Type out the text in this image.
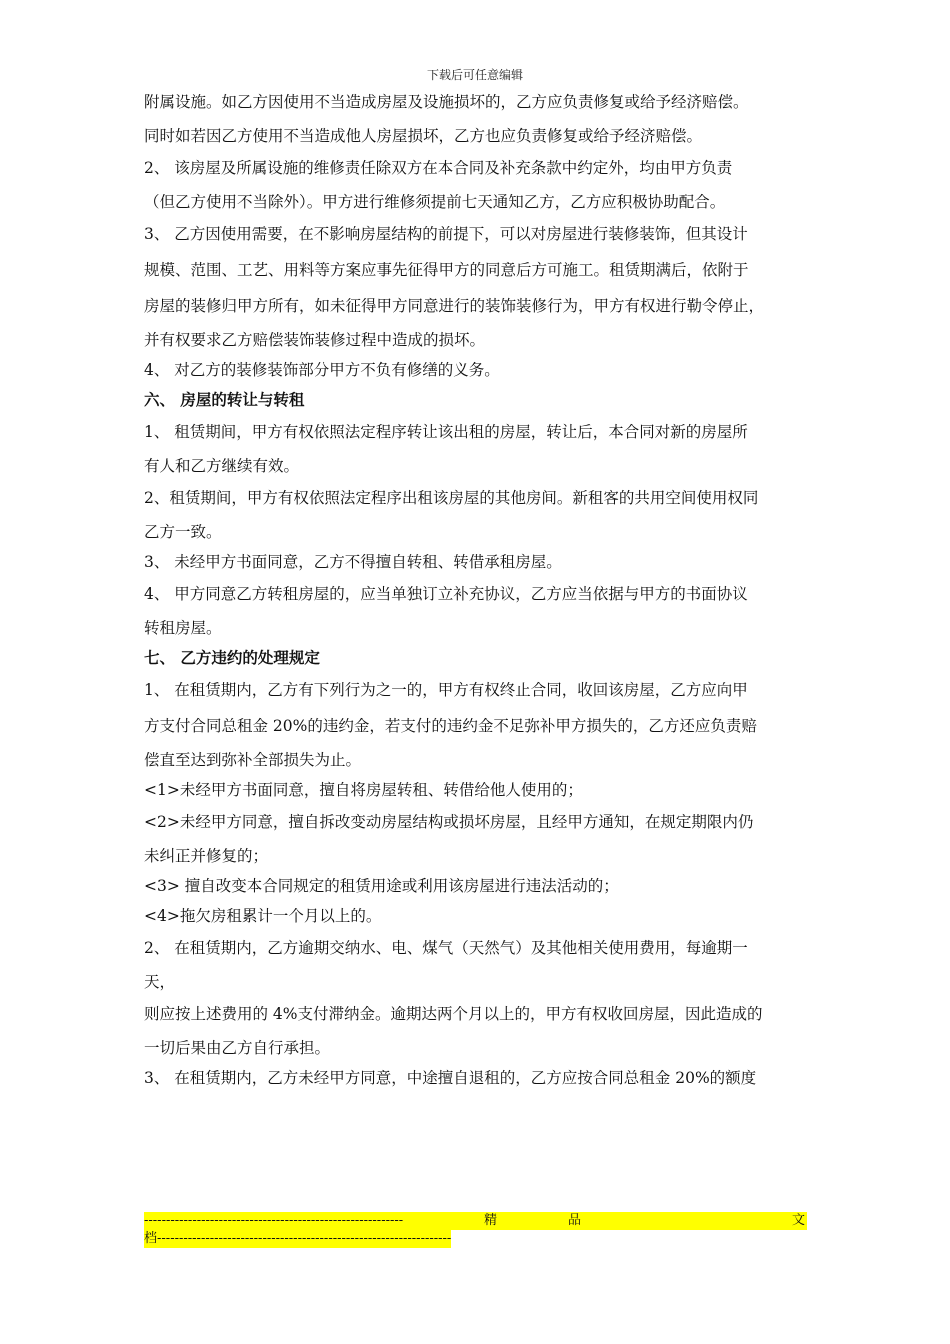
下载后可任意编辑

附属设施。如乙方因使用不当造成房屋及设施损坏的，乙方应负责修复或给予经济赔偿。

同时如若因乙方使用不当造成他人房屋损坏，乙方也应负责修复或给予经济赔偿。

2、 该房屋及所属设施的维修责任除双方在本合同及补充条款中约定外，均由甲方负责

（但乙方使用不当除外）。甲方进行维修须提前七天通知乙方，乙方应积极协助配合。

3、 乙方因使用需要，在不影响房屋结构的前提下，可以对房屋进行装修装饰，但其设计

规模、范围、工艺、用料等方案应事先征得甲方的同意后方可施工。租赁期满后，依附于

房屋的装修归甲方所有，如未征得甲方同意进行的装饰装修行为，甲方有权进行勒令停止，

并有权要求乙方赔偿装饰装修过程中造成的损坏。

4、 对乙方的装修装饰部分甲方不负有修缮的义务。

六、 房屋的转让与转租

1、 租赁期间，甲方有权依照法定程序转让该出租的房屋，转让后，本合同对新的房屋所

有人和乙方继续有效。

2、租赁期间，甲方有权依照法定程序出租该房屋的其他房间。新租客的共用空间使用权同

乙方一致。

3、 未经甲方书面同意，乙方不得擅自转租、转借承租房屋。

4、 甲方同意乙方转租房屋的，应当单独订立补充协议，乙方应当依据与甲方的书面协议

转租房屋。

七、 乙方违约的处理规定

1、 在租赁期内，乙方有下列行为之一的，甲方有权终止合同，收回该房屋，乙方应向甲

方支付合同总租金 20%的违约金，若支付的违约金不足弥补甲方损失的，乙方还应负责赔

偿直至达到弥补全部损失为止。

<1>未经甲方书面同意，擅自将房屋转租、转借给他人使用的；

<2>未经甲方同意，擅自拆改变动房屋结构或损坏房屋，且经甲方通知，在规定期限内仍

未纠正并修复的；

<3> 擅自改变本合同规定的租赁用途或利用该房屋进行违法活动的；

<4>拖欠房租累计一个月以上的。

2、 在租赁期内，乙方逾期交纳水、电、煤气（天然气）及其他相关使用费用，每逾期一

天，

则应按上述费用的 4%支付滞纳金。逾期达两个月以上的，甲方有权收回房屋，因此造成的

一切后果由乙方自行承担。

3、 在租赁期内，乙方未经甲方同意，中途擅自退租的，乙方应按合同总租金 20%的额度

-----------------------------------------------------------	精	品	文
档-------------------------------------------------------------------
